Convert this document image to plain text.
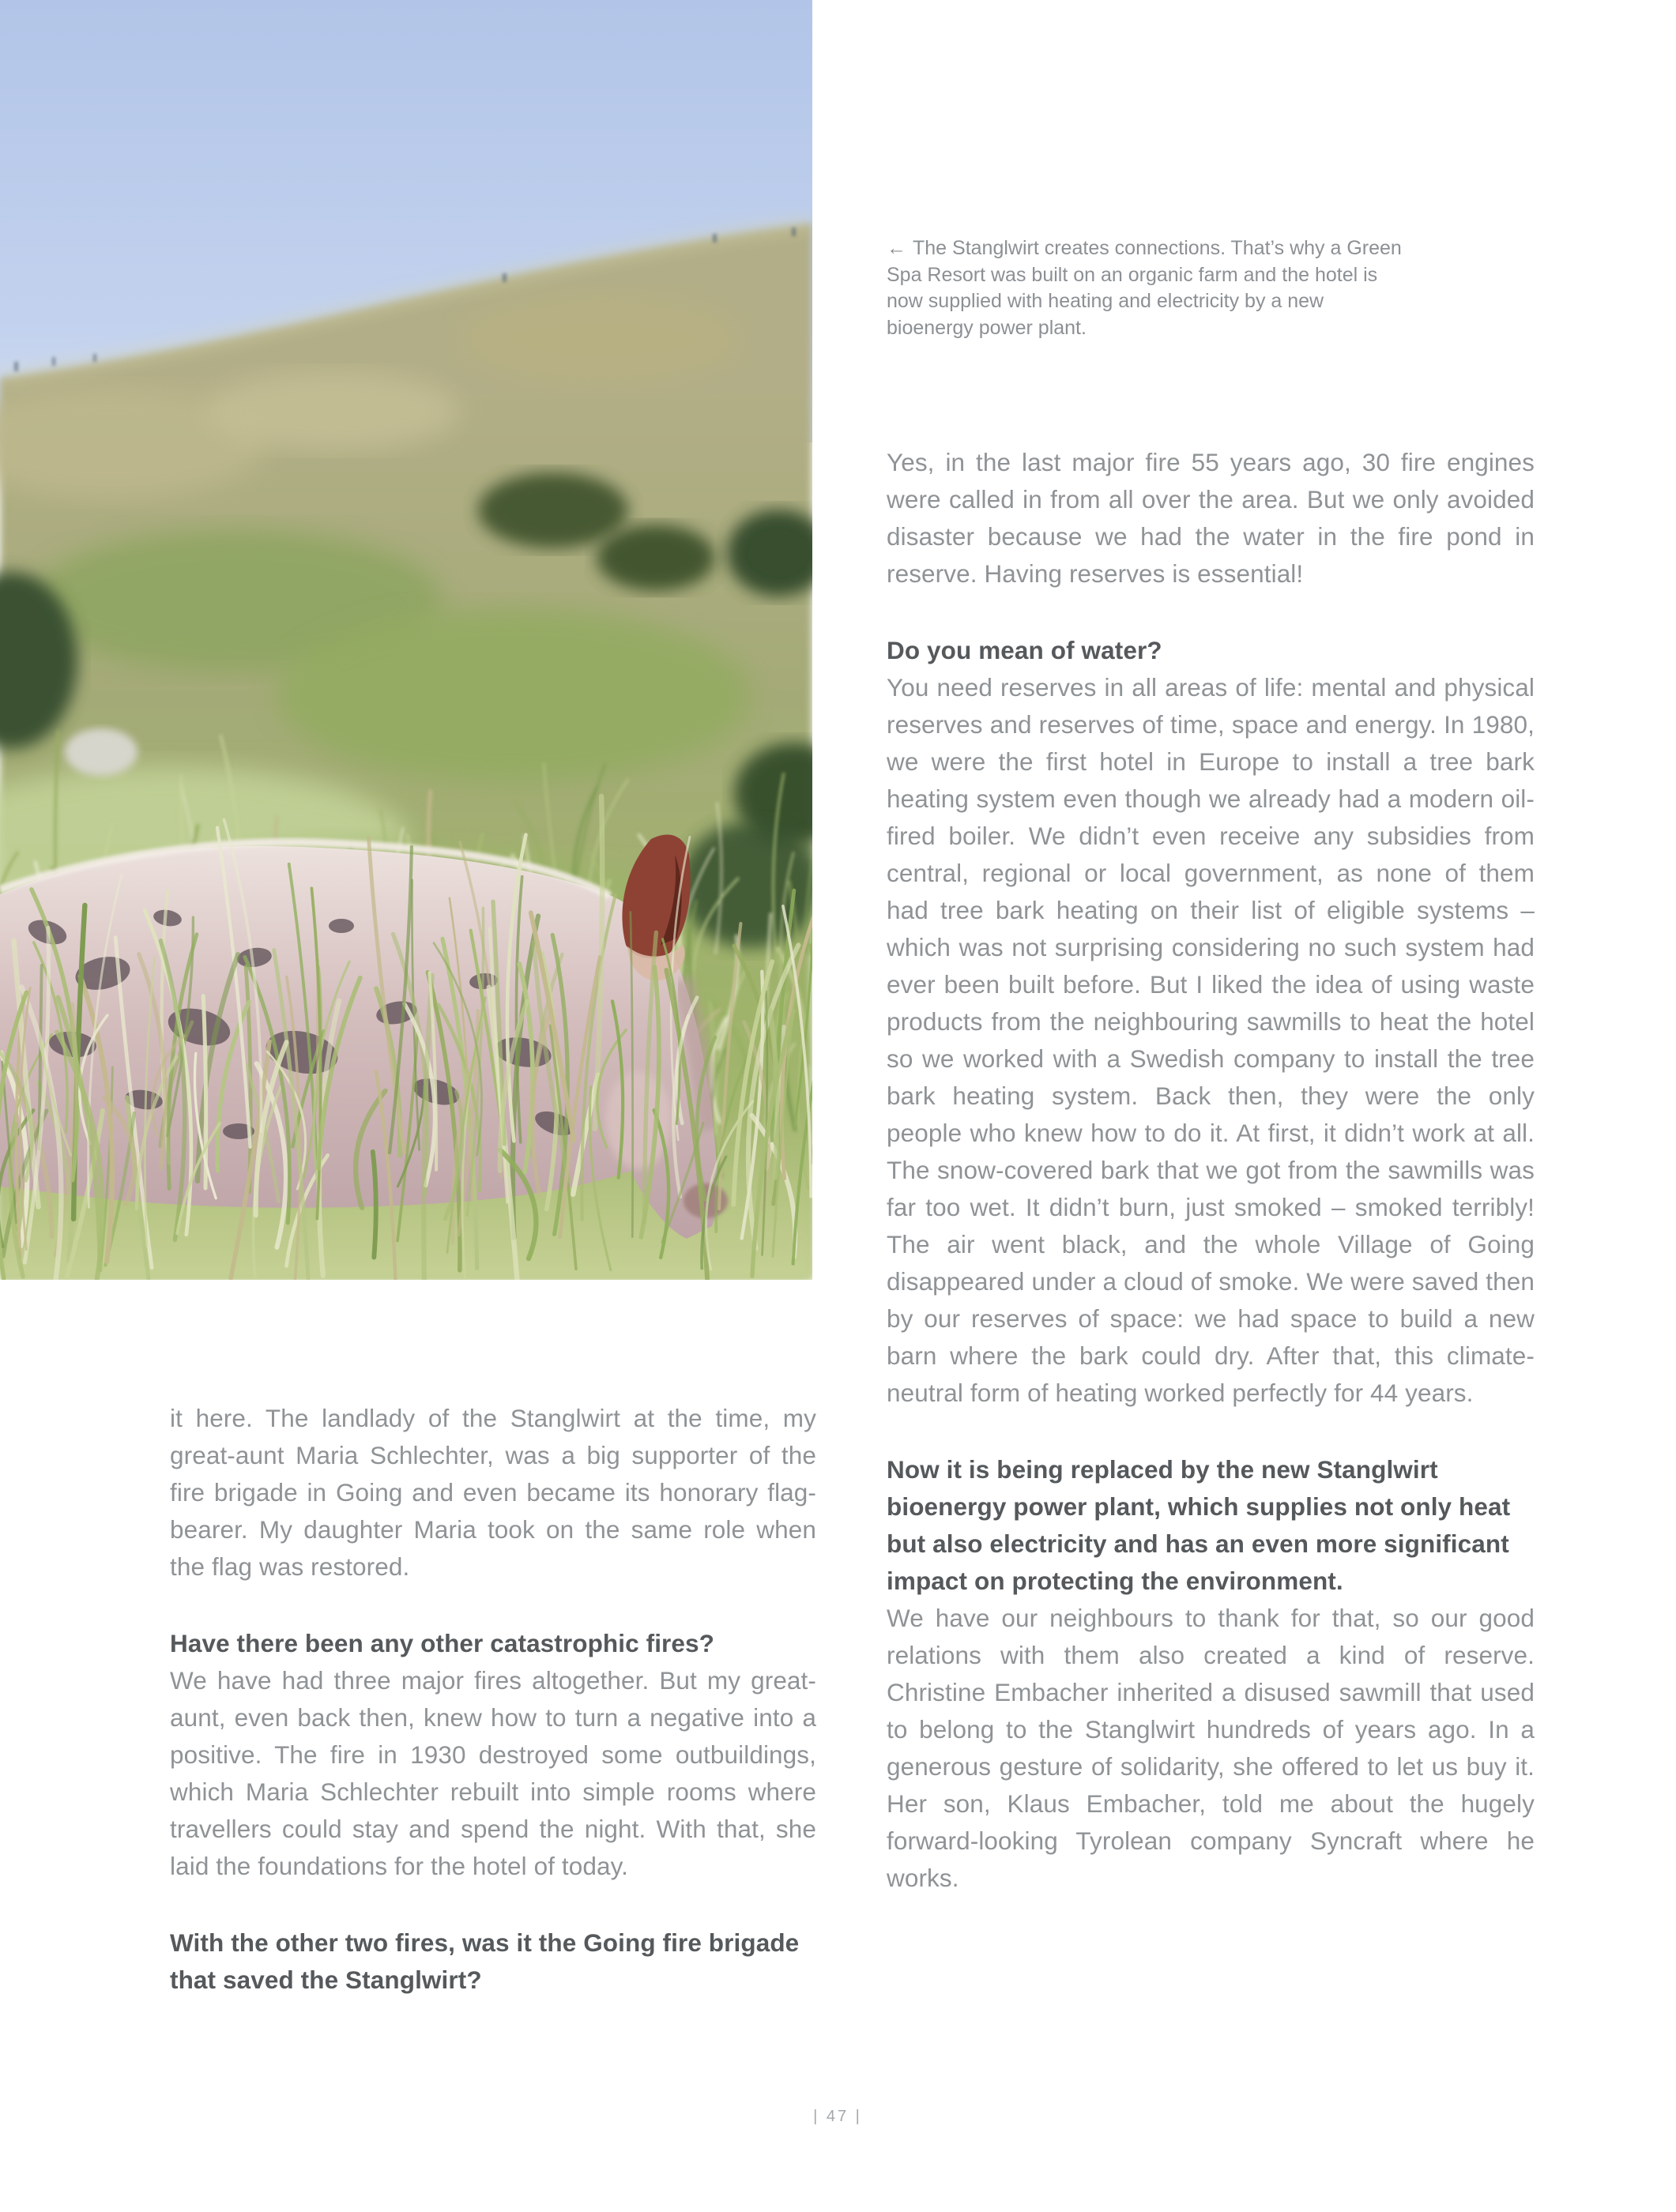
it here. The landlady of the Stanglwirt at the time, my great-aunt Maria Schlechter, was a big supporter of the fire brigade in Going and even became its honorary flag-bearer. My daughter Maria took on the same role when the flag was restored.

Have there been any other catastrophic fires?

We have had three major fires altogether. But my great-aunt, even back then, knew how to turn a negative into a positive. The fire in 1930 destroyed some outbuildings, which Maria Schlechter rebuilt into simple rooms where travellers could stay and spend the night. With that, she laid the foundations for the hotel of today.

With the other two fires, was it the Going fire brigade that saved the Stanglwirt?

← The Stanglwirt creates connections. That’s why a Green Spa Resort was built on an organic farm and the hotel is now supplied with heating and electricity by a new bioenergy power plant.

Yes, in the last major fire 55 years ago, 30 fire engines were called in from all over the area. But we only avoided disaster because we had the water in the fire pond in reserve. Having reserves is essential!

Do you mean of water?

You need reserves in all areas of life: mental and physical reserves and reserves of time, space and energy. In 1980, we were the first hotel in Europe to install a tree bark heating system even though we already had a modern oil-fired boiler. We didn’t even receive any subsidies from central, regional or local government, as none of them had tree bark heating on their list of eligible systems – which was not surprising considering no such system had ever been built before. But I liked the idea of using waste products from the neighbouring sawmills to heat the hotel so we worked with a Swedish company to install the tree bark heating system. Back then, they were the only people who knew how to do it. At first, it didn’t work at all. The snow-covered bark that we got from the sawmills was far too wet. It didn’t burn, just smoked – smoked terribly! The air went black, and the whole Village of Going disappeared under a cloud of smoke. We were saved then by our reserves of space: we had space to build a new barn where the bark could dry. After that, this climate-neutral form of heating worked perfectly for 44 years.

Now it is being replaced by the new Stanglwirt bioenergy power plant, which supplies not only heat but also electricity and has an even more significant impact on protecting the environment.

We have our neighbours to thank for that, so our good relations with them also created a kind of reserve. Christine Embacher inherited a disused sawmill that used to belong to the Stanglwirt hundreds of years ago. In a generous gesture of solidarity, she offered to let us buy it. Her son, Klaus Embacher, told me about the hugely forward-looking Tyrolean company Syncraft where he works.

| 47 |
